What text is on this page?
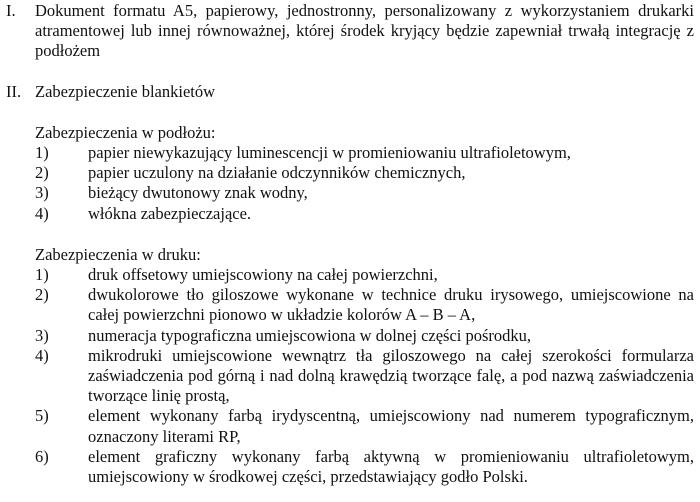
I.	Dokument formatu A5, papierowy, jednostronny, personalizowany z wykorzystaniem drukarki atramentowej lub innej równoważnej, której środek kryjący będzie zapewniał trwałą integrację z podłożem
II. Zabezpieczenie blankietów
Zabezpieczenia w podłożu:
1)	papier niewykazujący luminescencji w promieniowaniu ultrafioletowym,
2)	papier uczulony na działanie odczynników chemicznych,
3)	bieżący dwutonowy znak wodny,
4)	włókna zabezpieczające.
Zabezpieczenia w druku:
1)	druk offsetowy umiejscowiony na całej powierzchni,
2)	dwukolorowe tło giloszowe wykonane w technice druku irysowego, umiejscowione na całej powierzchni pionowo w układzie kolorów A – B – A,
3)	numeracja typograficzna umiejscowiona w dolnej części pośrodku,
4)	mikrodruki umiejscowione wewnątrz tła giloszowego na całej szerokości formularza zaświadczenia pod górną i nad dolną krawędzią tworzące falę, a pod nazwą zaświadczenia tworzące linię prostą,
5)	element wykonany farbą irydyscentną, umiejscowiony nad numerem typograficznym, oznaczony literami RP,
6)	element graficzny wykonany farbą aktywną w promieniowaniu ultrafioletowym, umiejscowiony w środkowej części, przedstawiający godło Polski.
